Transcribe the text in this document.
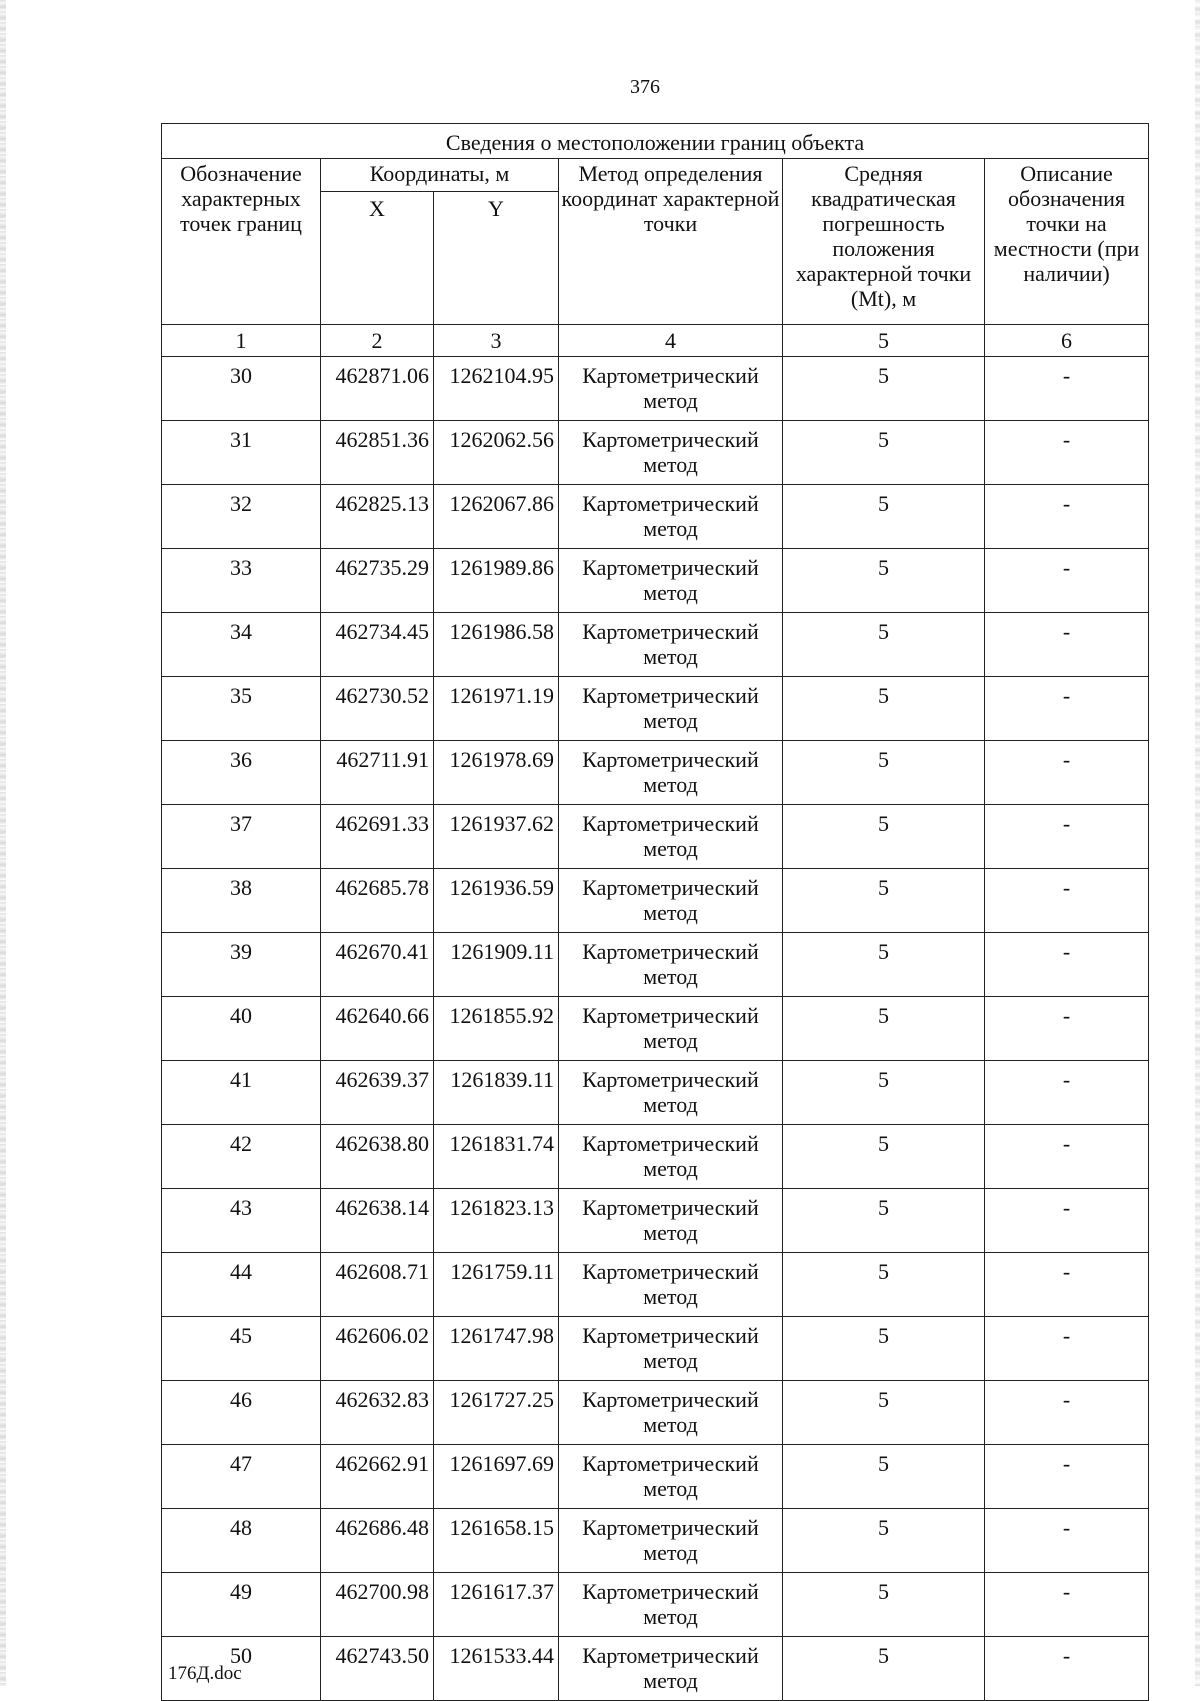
376
Сведения о местоположении границ объекта					
Обозначение характерных точек границ	Координаты, м		Метод определения координат характерной точки	Средняя квадратическая погрешность положения характерной точки (Mt), м	Описание обозначения точки на местности (при наличии)
	X	Y			
1	2	3	4	5	6
30	462871.06	1262104.95	Картометрический метод	5	-
31	462851.36	1262062.56	Картометрический метод	5	-
32	462825.13	1262067.86	Картометрический метод	5	-
33	462735.29	1261989.86	Картометрический метод	5	-
34	462734.45	1261986.58	Картометрический метод	5	-
35	462730.52	1261971.19	Картометрический метод	5	-
36	462711.91	1261978.69	Картометрический метод	5	-
37	462691.33	1261937.62	Картометрический метод	5	-
38	462685.78	1261936.59	Картометрический метод	5	-
39	462670.41	1261909.11	Картометрический метод	5	-
40	462640.66	1261855.92	Картометрический метод	5	-
41	462639.37	1261839.11	Картометрический метод	5	-
42	462638.80	1261831.74	Картометрический метод	5	-
43	462638.14	1261823.13	Картометрический метод	5	-
44	462608.71	1261759.11	Картометрический метод	5	-
45	462606.02	1261747.98	Картометрический метод	5	-
46	462632.83	1261727.25	Картометрический метод	5	-
47	462662.91	1261697.69	Картометрический метод	5	-
48	462686.48	1261658.15	Картометрический метод	5	-
49	462700.98	1261617.37	Картометрический метод	5	-
50	462743.50	1261533.44	Картометрический метод	5	-
176Д.doc
